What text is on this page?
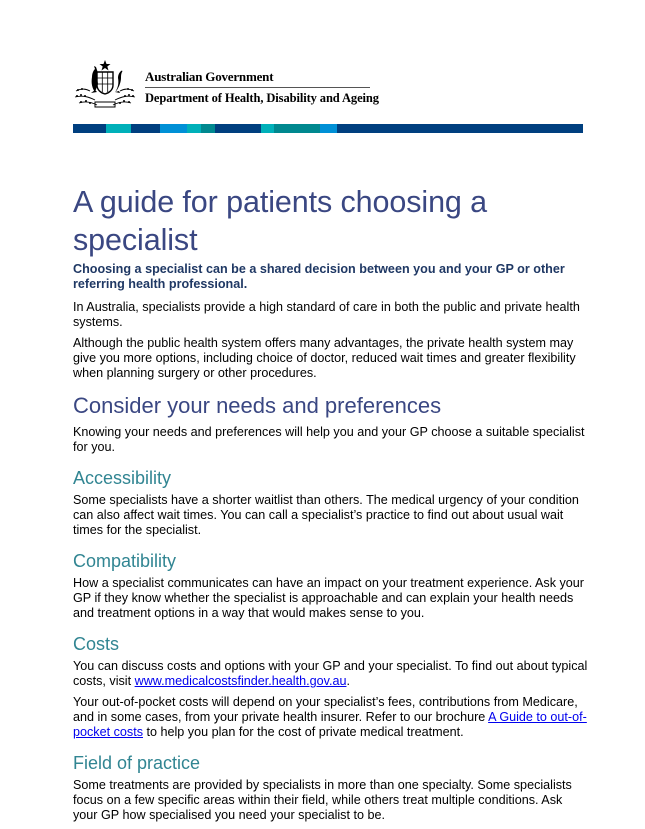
Australian Government
Department of Health, Disability and Ageing
A guide for patients choosing a specialist

Choosing a specialist can be a shared decision between you and your GP or other referring health professional.

In Australia, specialists provide a high standard of care in both the public and private health systems.

Although the public health system offers many advantages, the private health system may give you more options, including choice of doctor, reduced wait times and greater flexibility when planning surgery or other procedures.

Consider your needs and preferences

Knowing your needs and preferences will help you and your GP choose a suitable specialist for you.

Accessibility

Some specialists have a shorter waitlist than others. The medical urgency of your condition can also affect wait times. You can call a specialist’s practice to find out about usual wait times for the specialist.

Compatibility

How a specialist communicates can have an impact on your treatment experience. Ask your GP if they know whether the specialist is approachable and can explain your health needs and treatment options in a way that would makes sense to you.

Costs

You can discuss costs and options with your GP and your specialist. To find out about typical costs, visit www.medicalcostsfinder.health.gov.au.

Your out-of-pocket costs will depend on your specialist’s fees, contributions from Medicare, and in some cases, from your private health insurer. Refer to our brochure A Guide to out-of-pocket costs to help you plan for the cost of private medical treatment.

Field of practice

Some treatments are provided by specialists in more than one specialty. Some specialists focus on a few specific areas within their field, while others treat multiple conditions. Ask your GP how specialised you need your specialist to be.
